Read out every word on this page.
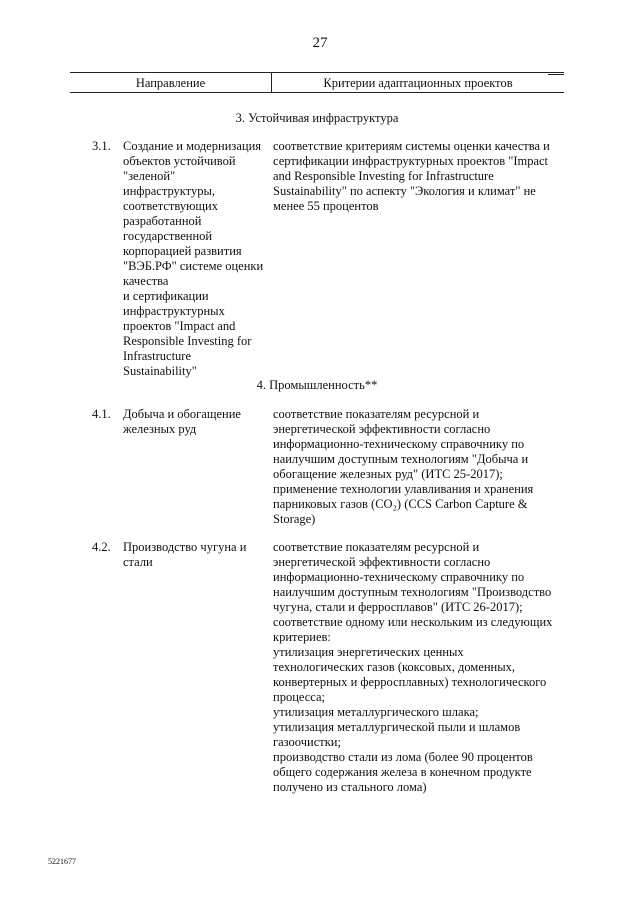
27
Направление	Критерии адаптационных проектов
3. Устойчивая инфраструктура
3.1. Создание и модернизация
объектов устойчивой
"зеленой" инфраструктуры,
соответствующих
разработанной
государственной
корпорацией развития
"ВЭБ.РФ" системе оценки
качества
и сертификации
инфраструктурных
проектов "Impact and
Responsible Investing for
Infrastructure
Sustainability"
соответствие критериям системы оценки качества и
сертификации инфраструктурных проектов "Impact
and Responsible Investing for Infrastructure
Sustainability" по аспекту "Экология и климат" не
менее 55 процентов
4. Промышленность**
4.1. Добыча и обогащение
железных руд
соответствие показателям ресурсной и
энергетической эффективности согласно
информационно-техническому справочнику по
наилучшим доступным технологиям "Добыча и
обогащение железных руд" (ИТС 25-2017);
применение технологии улавливания и хранения
парниковых газов (CO₂) (CCS Carbon Capture &
Storage)
4.2. Производство чугуна и
стали
соответствие показателям ресурсной и
энергетической эффективности согласно
информационно-техническому справочнику по
наилучшим доступным технологиям "Производство
чугуна, стали и ферросплавов" (ИТС 26-2017);
соответствие одному или нескольким из следующих
критериев:
утилизация энергетических ценных
технологических газов (коксовых, доменных,
конвертерных и ферросплавных) технологического
процесса;
утилизация металлургического шлака;
утилизация металлургической пыли и шламов
газоочистки;
производство стали из лома (более 90 процентов
общего содержания железа в конечном продукте
получено из стального лома)
5221677
